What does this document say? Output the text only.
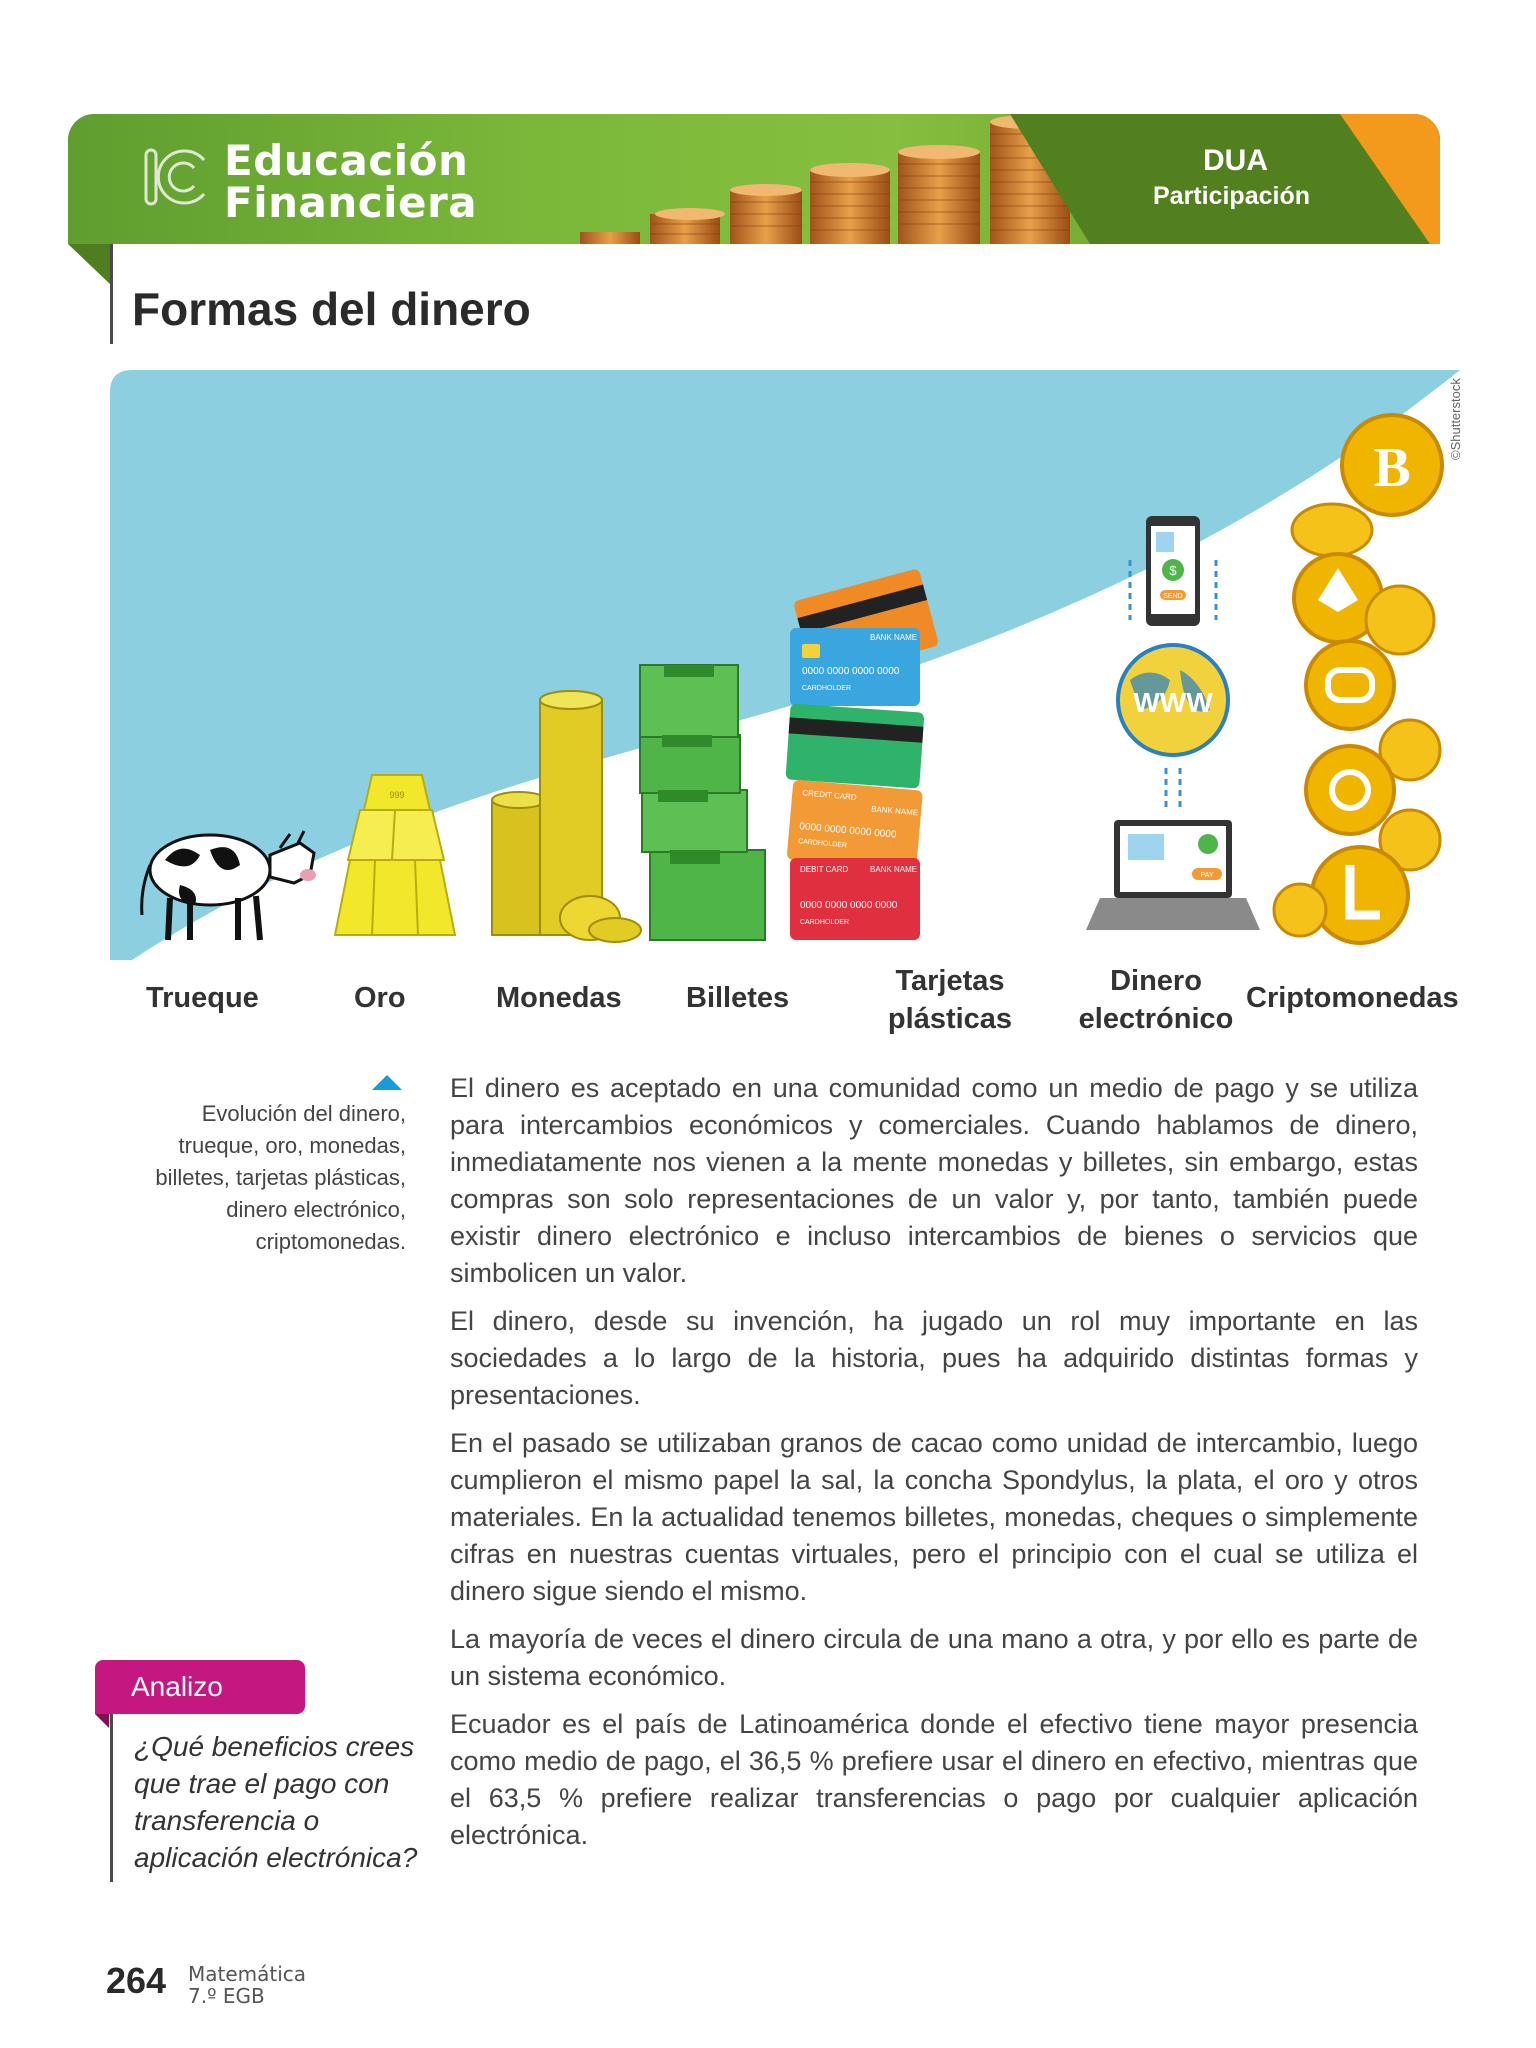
Educación
Financiera
DUA
Participación
Formas del dinero
999
BANK NAME
0000 0000 0000 0000
CARDHOLDER
CREDIT CARD
BANK NAME
0000 0000 0000 0000
CARDHOLDER
DEBIT CARD	BANK NAME
0000 0000 0000 0000
CARDHOLDER
$
SEND
WWW
PAY
B
©Shutterstock
Trueque	Oro	Monedas Billetes
Tarjetas
plásticas
Dinero
electrónico
Criptomonedas
Evolución del dinero, trueque, oro, monedas, billetes, tarjetas plásticas, dinero electrónico, criptomonedas.

El dinero es aceptado en una comunidad como un medio de pago y se utiliza para intercambios económicos y comerciales. Cuando hablamos de dinero, inmediatamente nos vienen a la mente monedas y billetes, sin embargo, estas compras son solo representaciones de un valor y, por tanto, también puede existir dinero electrónico e incluso intercambios de bienes o servicios que simbolicen un valor.

El dinero, desde su invención, ha jugado un rol muy importante en las sociedades a lo largo de la historia, pues ha adquirido distintas formas y presentaciones.

En el pasado se utilizaban granos de cacao como unidad de intercambio, luego cumplieron el mismo papel la sal, la concha Spondylus, la plata, el oro y otros materiales. En la actualidad tenemos billetes, monedas, cheques o simplemente cifras en nuestras cuentas virtuales, pero el principio con el cual se utiliza el dinero sigue siendo el mismo.

La mayoría de veces el dinero circula de una mano a otra, y por ello es parte de un sistema económico.

Ecuador es el país de Latinoamérica donde el efectivo tiene mayor presencia como medio de pago, el 36,5 % prefiere usar el dinero en efectivo, mientras que el 63,5 % prefiere realizar transferencias o pago por cualquier aplicación electrónica.

Analizo
¿Qué beneficios crees que trae el pago con transferencia o aplicación electrónica?
264 Matemática
7.º EGB
